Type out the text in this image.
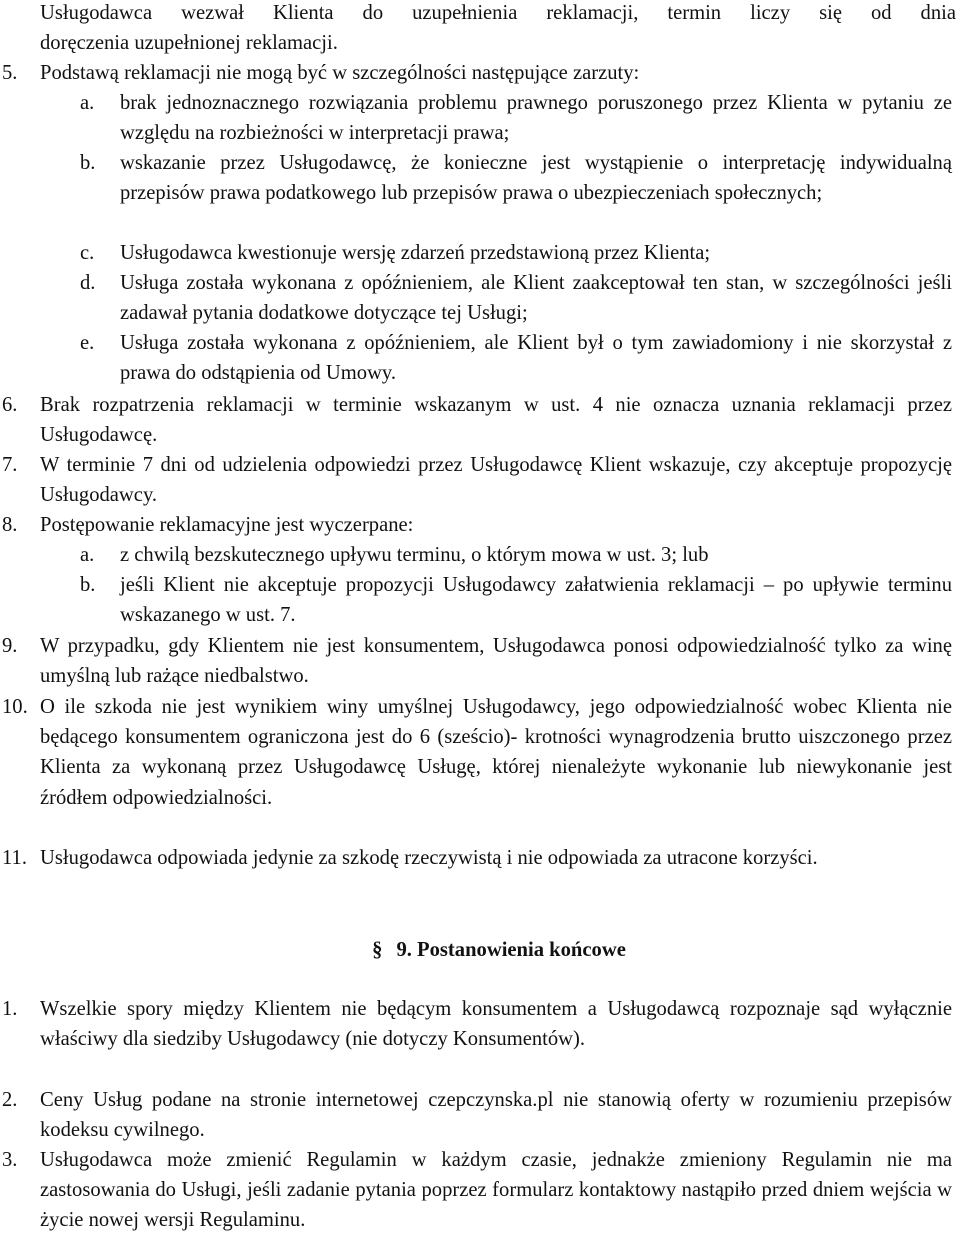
Usługodawca wezwał Klienta do uzupełnienia reklamacji, termin liczy się od dnia
doręczenia uzupełnionej reklamacji.
5. Podstawą reklamacji nie mogą być w szczególności następujące zarzuty:
a. brak jednoznacznego rozwiązania problemu prawnego poruszonego przez Klienta w pytaniu ze względu na rozbieżności w interpretacji prawa;
b. wskazanie przez Usługodawcę, że konieczne jest wystąpienie o interpretację indywidualną przepisów prawa podatkowego lub przepisów prawa o ubezpieczeniach społecznych;
c. Usługodawca kwestionuje wersję zdarzeń przedstawioną przez Klienta;
d. Usługa została wykonana z opóźnieniem, ale Klient zaakceptował ten stan, w szczególności jeśli zadawał pytania dodatkowe dotyczące tej Usługi;
e. Usługa została wykonana z opóźnieniem, ale Klient był o tym zawiadomiony i nie skorzystał z prawa do odstąpienia od Umowy.
6. Brak rozpatrzenia reklamacji w terminie wskazanym w ust. 4 nie oznacza uznania reklamacji przez Usługodawcę.
7. W terminie 7 dni od udzielenia odpowiedzi przez Usługodawcę Klient wskazuje, czy akceptuje propozycję Usługodawcy.
8. Postępowanie reklamacyjne jest wyczerpane:
a. z chwilą bezskutecznego upływu terminu, o którym mowa w ust. 3; lub
b. jeśli Klient nie akceptuje propozycji Usługodawcy załatwienia reklamacji – po upływie terminu wskazanego w ust. 7.
9. W przypadku, gdy Klientem nie jest konsumentem, Usługodawca ponosi odpowiedzialność tylko za winę umyślną lub rażące niedbalstwo.
10. O ile szkoda nie jest wynikiem winy umyślnej Usługodawcy, jego odpowiedzialność wobec Klienta nie będącego konsumentem ograniczona jest do 6 (sześcio)- krotności wynagrodzenia brutto uiszczonego przez Klienta za wykonaną przez Usługodawcę Usługę, której nienależyte wykonanie lub niewykonanie jest źródłem odpowiedzialności.
11. Usługodawca odpowiada jedynie za szkodę rzeczywistą i nie odpowiada za utracone korzyści.
§ 9. Postanowienia końcowe
1. Wszelkie spory między Klientem nie będącym konsumentem a Usługodawcą rozpoznaje sąd wyłącznie właściwy dla siedziby Usługodawcy (nie dotyczy Konsumentów).
2. Ceny Usług podane na stronie internetowej czepczynska.pl nie stanowią oferty w rozumieniu przepisów kodeksu cywilnego.
3. Usługodawca może zmienić Regulamin w każdym czasie, jednakże zmieniony Regulamin nie ma zastosowania do Usługi, jeśli zadanie pytania poprzez formularz kontaktowy nastąpiło przed dniem wejścia w życie nowej wersji Regulaminu.
